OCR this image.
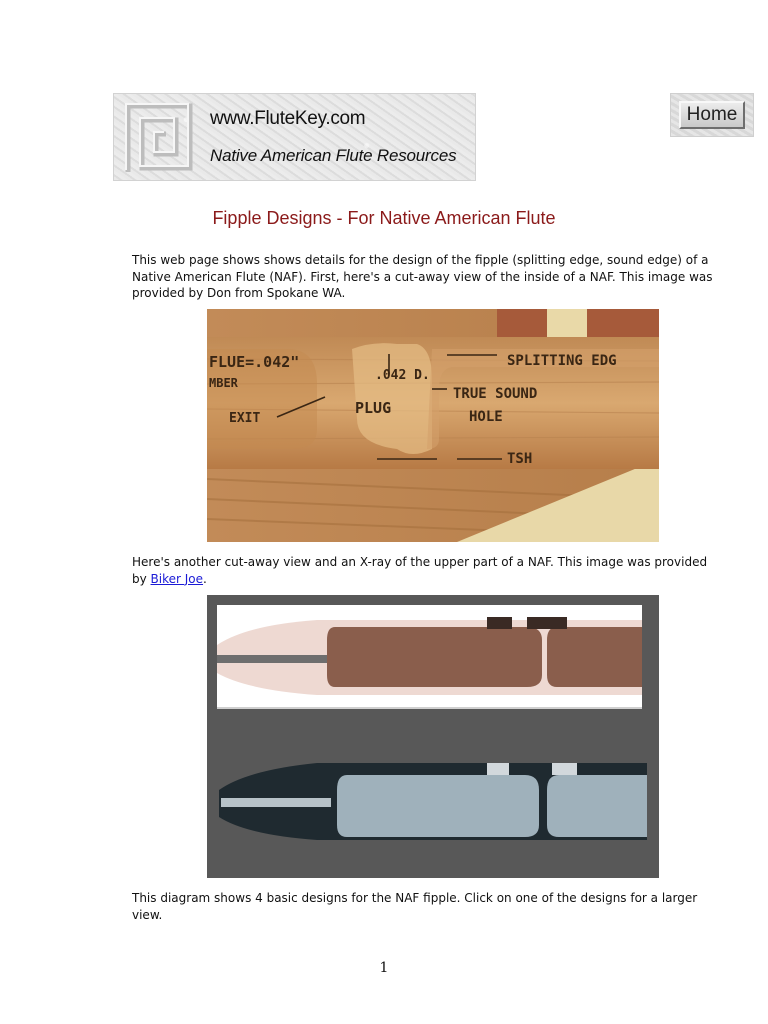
www.FluteKey.com
Native American Flute Resources
Home
Fipple Designs - For Native American Flute
This web page shows shows details for the design of the fipple (splitting edge, sound edge) of a Native American Flute (NAF). First, here's a cut-away view of the inside of a NAF. This image was provided by Don from Spokane WA.
FLUE=.042"
MBER
EXIT
.042 D.
PLUG
SPLITTING EDG
TRUE SOUND
HOLE
TSH
Here's another cut-away view and an X-ray of the upper part of a NAF. This image was provided by Biker Joe.
This diagram shows 4 basic designs for the NAF fipple. Click on one of the designs for a larger view.
1
